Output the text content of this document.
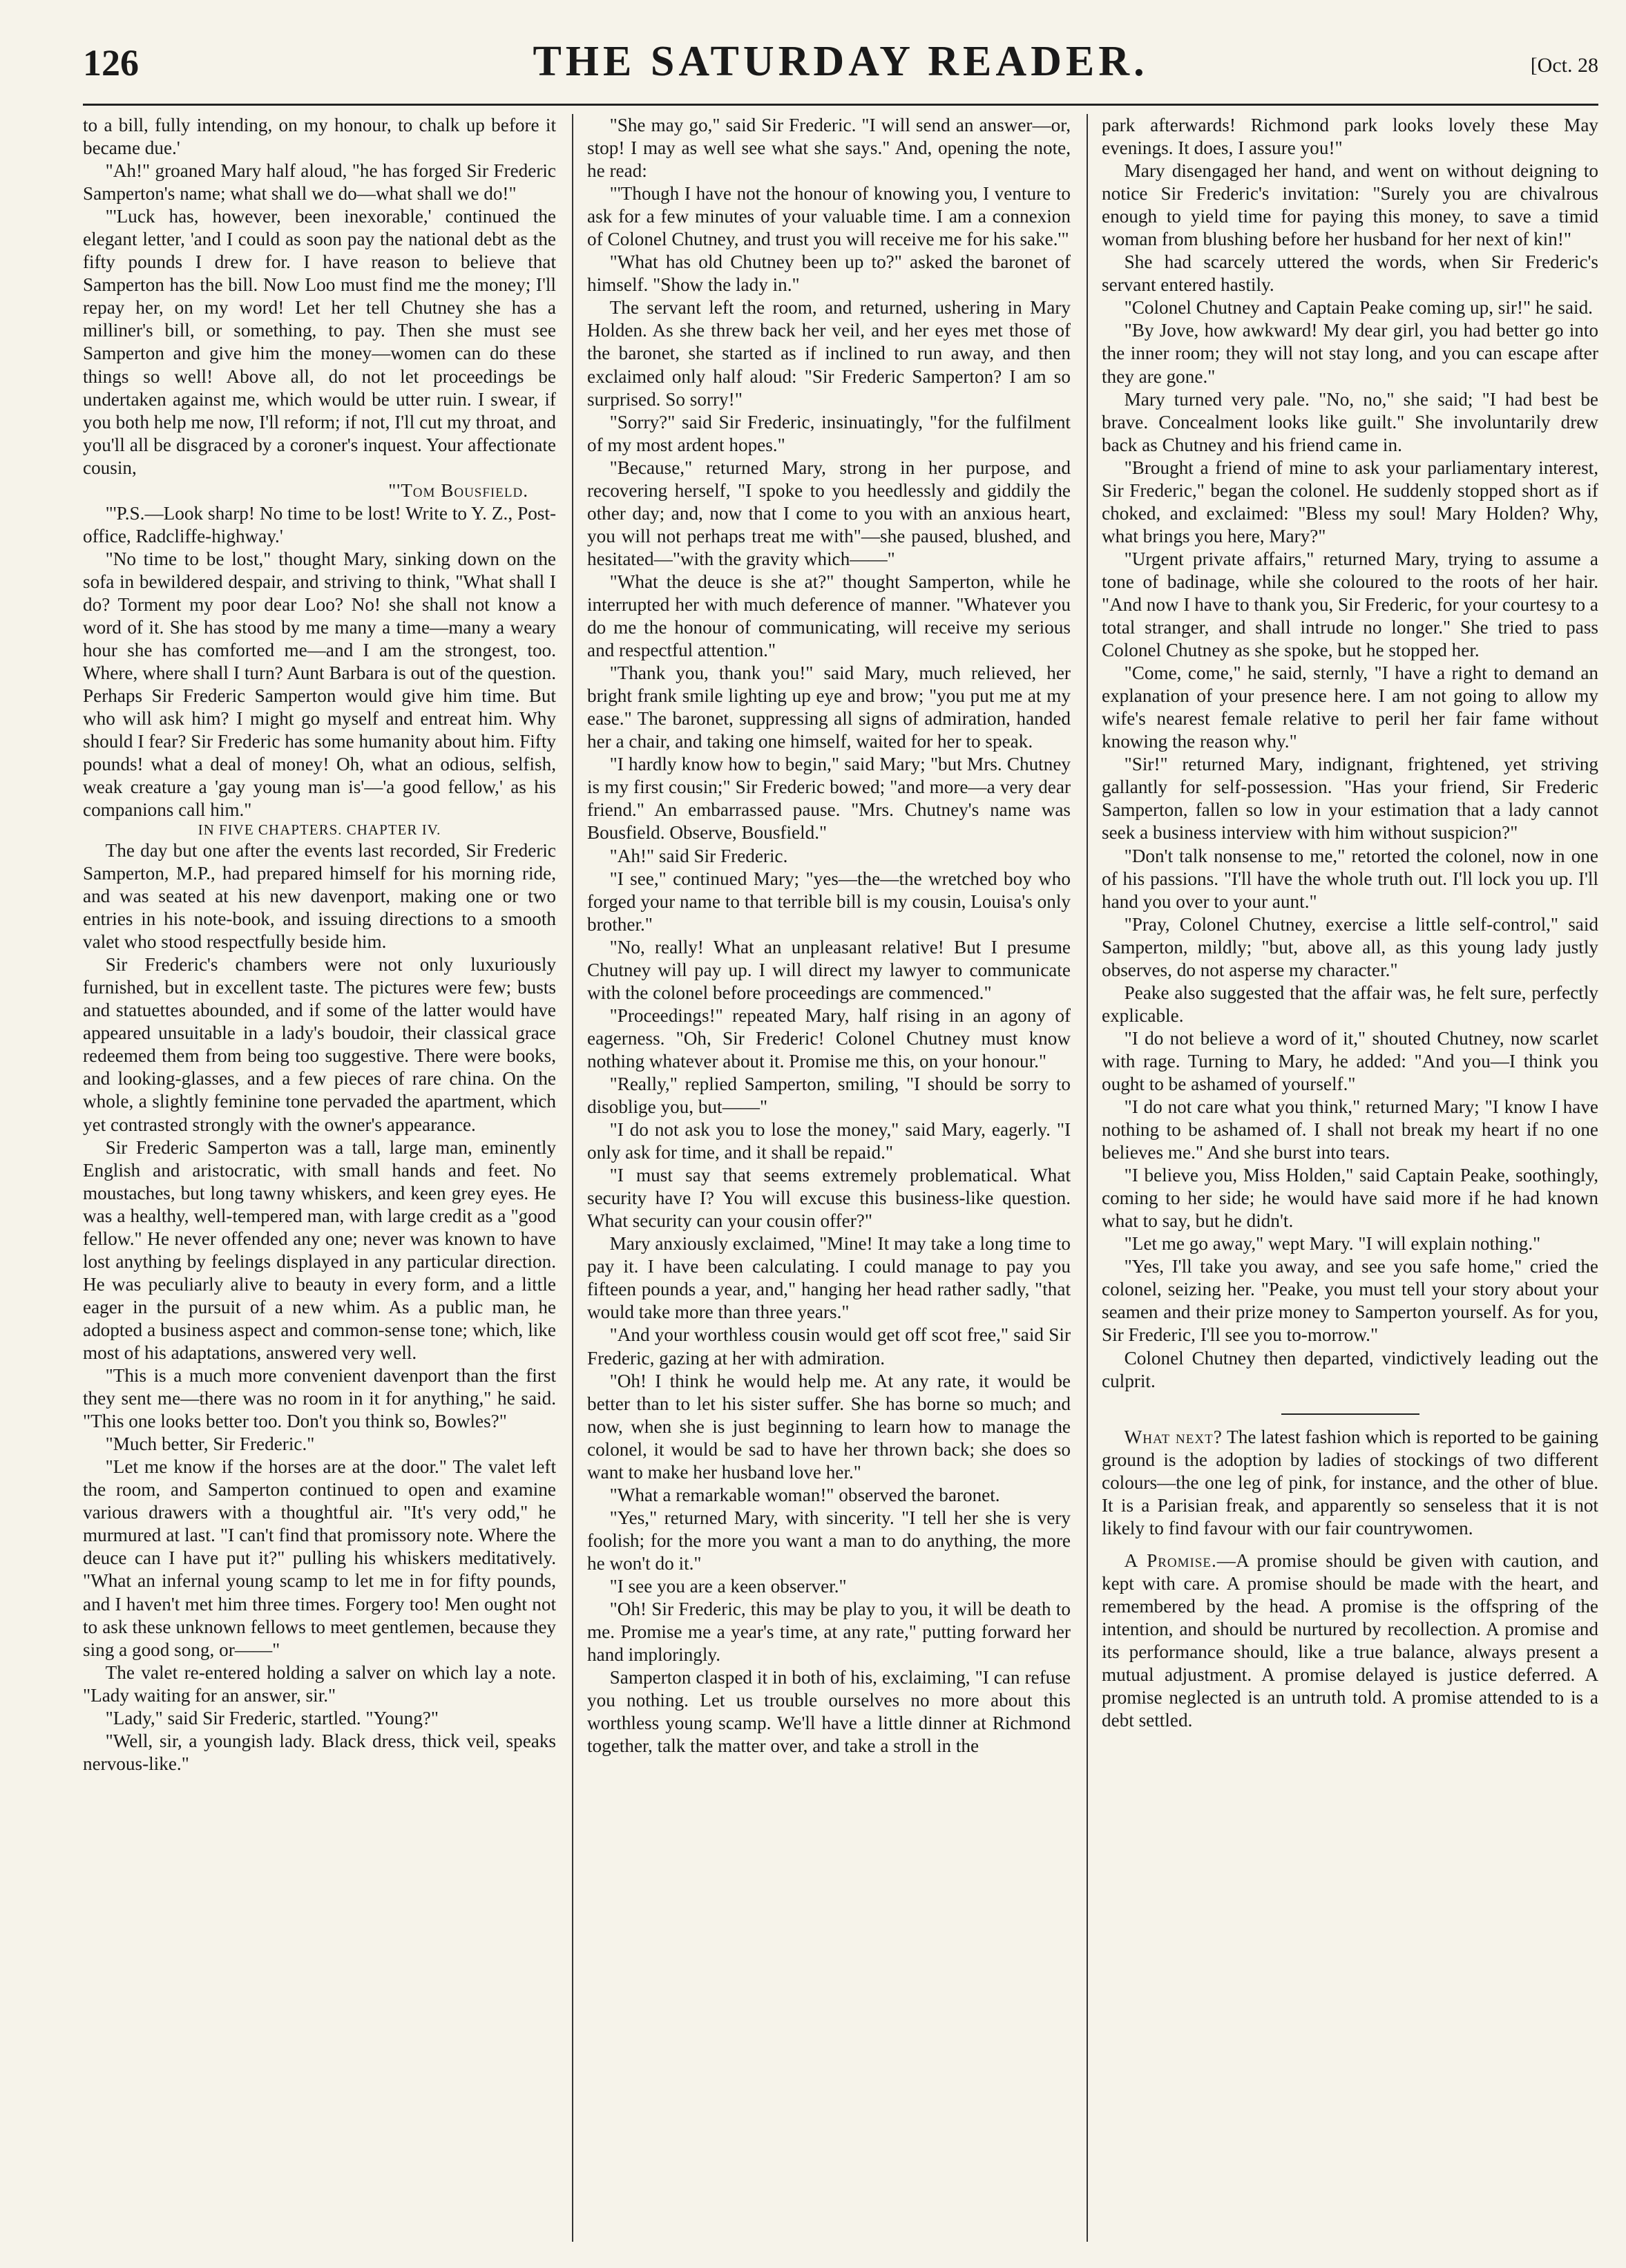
126	THE SATURDAY READER.	[Oct. 28

to a bill, fully intending, on my honour, to chalk up before it became due.'

"Ah!" groaned Mary half aloud, "he has forged Sir Frederic Samperton's name; what shall we do—what shall we do!"

"'Luck has, however, been inexorable,' continued the elegant letter, 'and I could as soon pay the national debt as the fifty pounds I drew for. I have reason to believe that Samperton has the bill. Now Loo must find me the money; I'll repay her, on my word! Let her tell Chutney she has a milliner's bill, or something, to pay. Then she must see Samperton and give him the money—women can do these things so well! Above all, do not let proceedings be undertaken against me, which would be utter ruin. I swear, if you both help me now, I'll reform; if not, I'll cut my throat, and you'll all be disgraced by a coroner's inquest. Your affectionate cousin,

"'Tom Bousfield.

"'P.S.—Look sharp! No time to be lost! Write to Y. Z., Post-office, Radcliffe-highway.'

"No time to be lost," thought Mary, sinking down on the sofa in bewildered despair, and striving to think, "What shall I do? Torment my poor dear Loo? No! she shall not know a word of it. She has stood by me many a time—many a weary hour she has comforted me—and I am the strongest, too. Where, where shall I turn? Aunt Barbara is out of the question. Perhaps Sir Frederic Samperton would give him time. But who will ask him? I might go myself and entreat him. Why should I fear? Sir Frederic has some humanity about him. Fifty pounds! what a deal of money! Oh, what an odious, selfish, weak creature a 'gay young man is'—'a good fellow,' as his companions call him."

IN FIVE CHAPTERS. CHAPTER IV.

The day but one after the events last recorded, Sir Frederic Samperton, M.P., had prepared himself for his morning ride, and was seated at his new davenport, making one or two entries in his note-book, and issuing directions to a smooth valet who stood respectfully beside him.

Sir Frederic's chambers were not only luxuriously furnished, but in excellent taste. The pictures were few; busts and statuettes abounded, and if some of the latter would have appeared unsuitable in a lady's boudoir, their classical grace redeemed them from being too suggestive. There were books, and looking-glasses, and a few pieces of rare china. On the whole, a slightly feminine tone pervaded the apartment, which yet contrasted strongly with the owner's appearance.

Sir Frederic Samperton was a tall, large man, eminently English and aristocratic, with small hands and feet. No moustaches, but long tawny whiskers, and keen grey eyes. He was a healthy, well-tempered man, with large credit as a "good fellow." He never offended any one; never was known to have lost anything by feelings displayed in any particular direction. He was peculiarly alive to beauty in every form, and a little eager in the pursuit of a new whim. As a public man, he adopted a business aspect and common-sense tone; which, like most of his adaptations, answered very well.

"This is a much more convenient davenport than the first they sent me—there was no room in it for anything," he said. "This one looks better too. Don't you think so, Bowles?"

"Much better, Sir Frederic."

"Let me know if the horses are at the door." The valet left the room, and Samperton continued to open and examine various drawers with a thoughtful air. "It's very odd," he murmured at last. "I can't find that promissory note. Where the deuce can I have put it?" pulling his whiskers meditatively. "What an infernal young scamp to let me in for fifty pounds, and I haven't met him three times. Forgery too! Men ought not to ask these unknown fellows to meet gentlemen, because they sing a good song, or——"

The valet re-entered holding a salver on which lay a note. "Lady waiting for an answer, sir."

"Lady," said Sir Frederic, startled. "Young?"

"Well, sir, a youngish lady. Black dress, thick veil, speaks nervous-like."

"She may go," said Sir Frederic. "I will send an answer—or, stop! I may as well see what she says." And, opening the note, he read:

"'Though I have not the honour of knowing you, I venture to ask for a few minutes of your valuable time. I am a connexion of Colonel Chutney, and trust you will receive me for his sake.'"

"What has old Chutney been up to?" asked the baronet of himself. "Show the lady in."

The servant left the room, and returned, ushering in Mary Holden. As she threw back her veil, and her eyes met those of the baronet, she started as if inclined to run away, and then exclaimed only half aloud: "Sir Frederic Samperton? I am so surprised. So sorry!"

"Sorry?" said Sir Frederic, insinuatingly, "for the fulfilment of my most ardent hopes."

"Because," returned Mary, strong in her purpose, and recovering herself, "I spoke to you heedlessly and giddily the other day; and, now that I come to you with an anxious heart, you will not perhaps treat me with"—she paused, blushed, and hesitated—"with the gravity which——"

"What the deuce is she at?" thought Samperton, while he interrupted her with much deference of manner. "Whatever you do me the honour of communicating, will receive my serious and respectful attention."

"Thank you, thank you!" said Mary, much relieved, her bright frank smile lighting up eye and brow; "you put me at my ease." The baronet, suppressing all signs of admiration, handed her a chair, and taking one himself, waited for her to speak.

"I hardly know how to begin," said Mary; "but Mrs. Chutney is my first cousin;" Sir Frederic bowed; "and more—a very dear friend." An embarrassed pause. "Mrs. Chutney's name was Bousfield. Observe, Bousfield."

"Ah!" said Sir Frederic.

"I see," continued Mary; "yes—the—the wretched boy who forged your name to that terrible bill is my cousin, Louisa's only brother."

"No, really! What an unpleasant relative! But I presume Chutney will pay up. I will direct my lawyer to communicate with the colonel before proceedings are commenced."

"Proceedings!" repeated Mary, half rising in an agony of eagerness. "Oh, Sir Frederic! Colonel Chutney must know nothing whatever about it. Promise me this, on your honour."

"Really," replied Samperton, smiling, "I should be sorry to disoblige you, but——"

"I do not ask you to lose the money," said Mary, eagerly. "I only ask for time, and it shall be repaid."

"I must say that seems extremely problematical. What security have I? You will excuse this business-like question. What security can your cousin offer?"

Mary anxiously exclaimed, "Mine! It may take a long time to pay it. I have been calculating. I could manage to pay you fifteen pounds a year, and," hanging her head rather sadly, "that would take more than three years."

"And your worthless cousin would get off scot free," said Sir Frederic, gazing at her with admiration.

"Oh! I think he would help me. At any rate, it would be better than to let his sister suffer. She has borne so much; and now, when she is just beginning to learn how to manage the colonel, it would be sad to have her thrown back; she does so want to make her husband love her."

"What a remarkable woman!" observed the baronet.

"Yes," returned Mary, with sincerity. "I tell her she is very foolish; for the more you want a man to do anything, the more he won't do it."

"I see you are a keen observer."

"Oh! Sir Frederic, this may be play to you, it will be death to me. Promise me a year's time, at any rate," putting forward her hand imploringly.

Samperton clasped it in both of his, exclaiming, "I can refuse you nothing. Let us trouble ourselves no more about this worthless young scamp. We'll have a little dinner at Richmond together, talk the matter over, and take a stroll in the

park afterwards! Richmond park looks lovely these May evenings. It does, I assure you!"

Mary disengaged her hand, and went on without deigning to notice Sir Frederic's invitation: "Surely you are chivalrous enough to yield time for paying this money, to save a timid woman from blushing before her husband for her next of kin!"

She had scarcely uttered the words, when Sir Frederic's servant entered hastily.

"Colonel Chutney and Captain Peake coming up, sir!" he said.

"By Jove, how awkward! My dear girl, you had better go into the inner room; they will not stay long, and you can escape after they are gone."

Mary turned very pale. "No, no," she said; "I had best be brave. Concealment looks like guilt." She involuntarily drew back as Chutney and his friend came in.

"Brought a friend of mine to ask your parliamentary interest, Sir Frederic," began the colonel. He suddenly stopped short as if choked, and exclaimed: "Bless my soul! Mary Holden? Why, what brings you here, Mary?"

"Urgent private affairs," returned Mary, trying to assume a tone of badinage, while she coloured to the roots of her hair. "And now I have to thank you, Sir Frederic, for your courtesy to a total stranger, and shall intrude no longer." She tried to pass Colonel Chutney as she spoke, but he stopped her.

"Come, come," he said, sternly, "I have a right to demand an explanation of your presence here. I am not going to allow my wife's nearest female relative to peril her fair fame without knowing the reason why."

"Sir!" returned Mary, indignant, frightened, yet striving gallantly for self-possession. "Has your friend, Sir Frederic Samperton, fallen so low in your estimation that a lady cannot seek a business interview with him without suspicion?"

"Don't talk nonsense to me," retorted the colonel, now in one of his passions. "I'll have the whole truth out. I'll lock you up. I'll hand you over to your aunt."

"Pray, Colonel Chutney, exercise a little self-control," said Samperton, mildly; "but, above all, as this young lady justly observes, do not asperse my character."

Peake also suggested that the affair was, he felt sure, perfectly explicable.

"I do not believe a word of it," shouted Chutney, now scarlet with rage. Turning to Mary, he added: "And you—I think you ought to be ashamed of yourself."

"I do not care what you think," returned Mary; "I know I have nothing to be ashamed of. I shall not break my heart if no one believes me." And she burst into tears.

"I believe you, Miss Holden," said Captain Peake, soothingly, coming to her side; he would have said more if he had known what to say, but he didn't.

"Let me go away," wept Mary. "I will explain nothing."

"Yes, I'll take you away, and see you safe home," cried the colonel, seizing her. "Peake, you must tell your story about your seamen and their prize money to Samperton yourself. As for you, Sir Frederic, I'll see you to-morrow."

Colonel Chutney then departed, vindictively leading out the culprit.

What next? The latest fashion which is reported to be gaining ground is the adoption by ladies of stockings of two different colours—the one leg of pink, for instance, and the other of blue. It is a Parisian freak, and apparently so senseless that it is not likely to find favour with our fair countrywomen.

A Promise.—A promise should be given with caution, and kept with care. A promise should be made with the heart, and remembered by the head. A promise is the offspring of the intention, and should be nurtured by recollection. A promise and its performance should, like a true balance, always present a mutual adjustment. A promise delayed is justice deferred. A promise neglected is an untruth told. A promise attended to is a debt settled.
